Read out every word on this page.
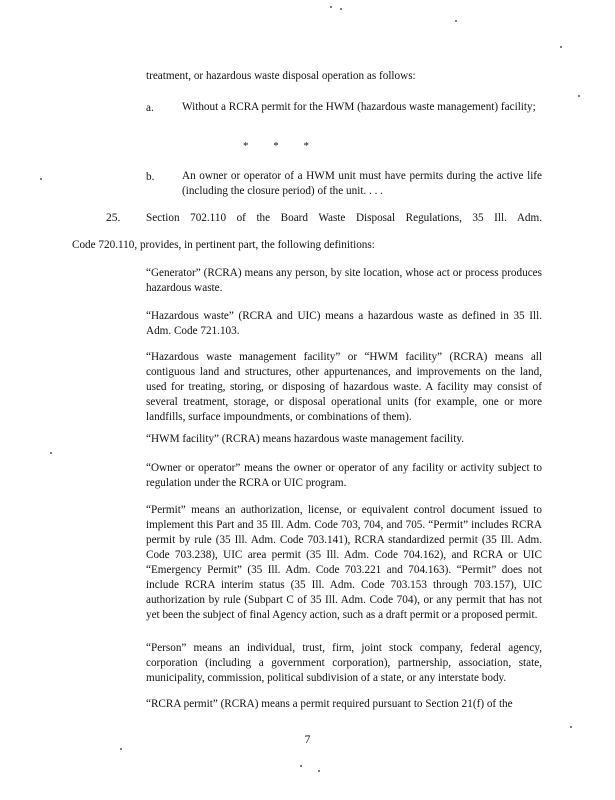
treatment, or hazardous waste disposal operation as follows:
a.	Without a RCRA permit for the HWM (hazardous waste management) facility;
* * *
b. An owner or operator of a HWM unit must have permits during the active life (including the closure period) of the unit. . . .
25. Section 702.110 of the Board Waste Disposal Regulations, 35 Ill. Adm.
Code 720.110, provides, in pertinent part, the following definitions:
“Generator” (RCRA) means any person, by site location, whose act or process produces hazardous waste.
“Hazardous waste” (RCRA and UIC) means a hazardous waste as defined in 35 Ill. Adm. Code 721.103.
“Hazardous waste management facility” or “HWM facility” (RCRA) means all contiguous land and structures, other appurtenances, and improvements on the land, used for treating, storing, or disposing of hazardous waste. A facility may consist of several treatment, storage, or disposal operational units (for example, one or more landfills, surface impoundments, or combinations of them).
“HWM facility” (RCRA) means hazardous waste management facility.
“Owner or operator” means the owner or operator of any facility or activity subject to regulation under the RCRA or UIC program.
“Permit” means an authorization, license, or equivalent control document issued to implement this Part and 35 Ill. Adm. Code 703, 704, and 705. “Permit” includes RCRA permit by rule (35 Ill. Adm. Code 703.141), RCRA standardized permit (35 Ill. Adm. Code 703.238), UIC area permit (35 Ill. Adm. Code 704.162), and RCRA or UIC “Emergency Permit” (35 Ill. Adm. Code 703.221 and 704.163). “Permit” does not include RCRA interim status (35 Ill. Adm. Code 703.153 through 703.157), UIC authorization by rule (Subpart C of 35 Ill. Adm. Code 704), or any permit that has not yet been the subject of final Agency action, such as a draft permit or a proposed permit.
“Person” means an individual, trust, firm, joint stock company, federal agency, corporation (including a government corporation), partnership, association, state, municipality, commission, political subdivision of a state, or any interstate body.
“RCRA permit” (RCRA) means a permit required pursuant to Section 21(f) of the
7
